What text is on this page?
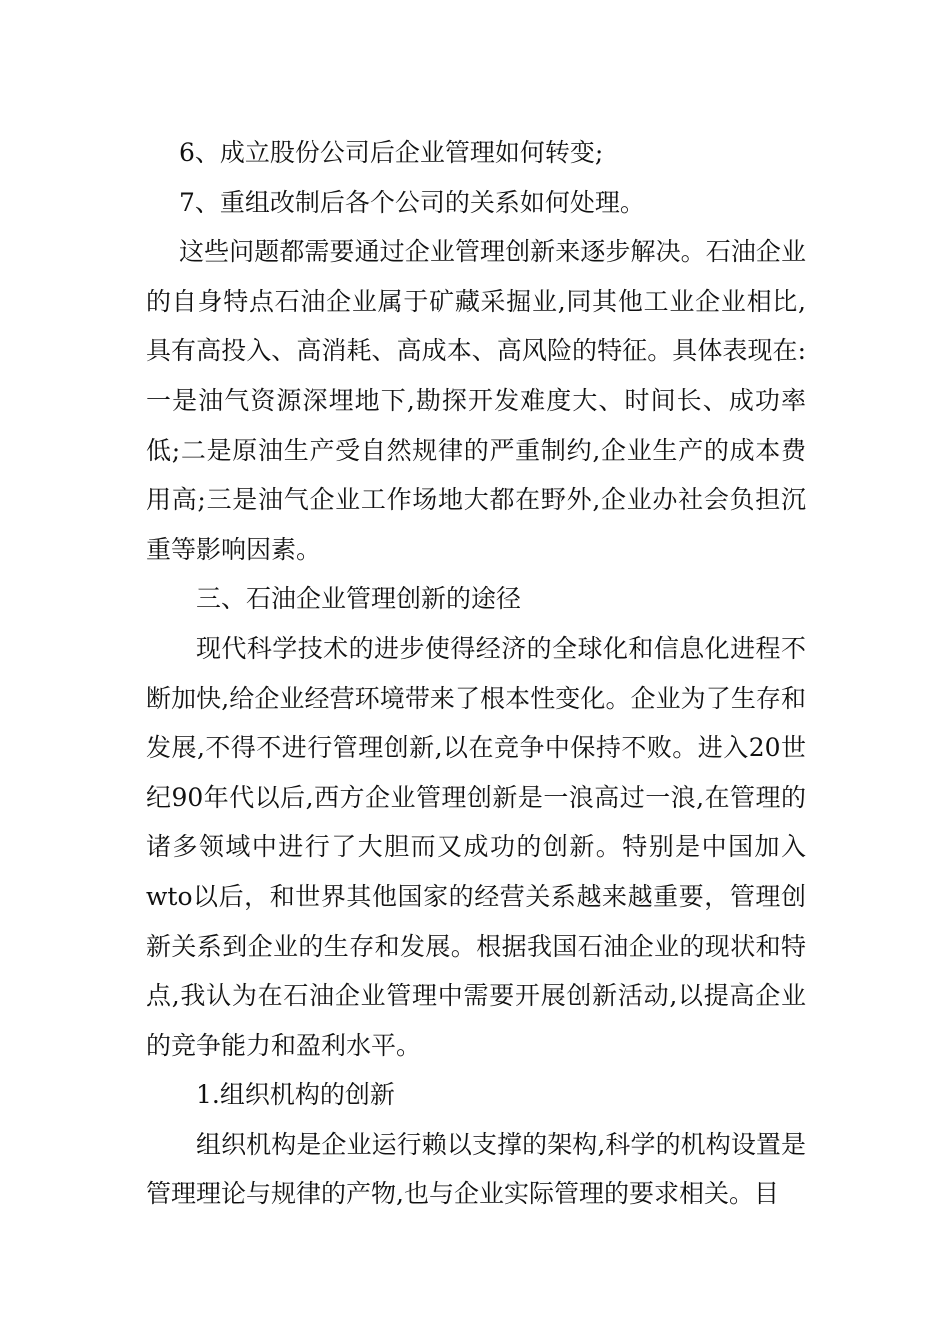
6、成立股份公司后企业管理如何转变;

7、重组改制后各个公司的关系如何处理。

这些问题都需要通过企业管理创新来逐步解决。石油企业的自身特点石油企业属于矿藏采掘业,同其他工业企业相比,具有高投入、高消耗、高成本、高风险的特征。具体表现在:一是油气资源深埋地下,勘探开发难度大、时间长、成功率低;二是原油生产受自然规律的严重制约,企业生产的成本费用高;三是油气企业工作场地大都在野外,企业办社会负担沉重等影响因素。

三、石油企业管理创新的途径

现代科学技术的进步使得经济的全球化和信息化进程不断加快,给企业经营环境带来了根本性变化。企业为了生存和发展,不得不进行管理创新,以在竞争中保持不败。进入20世纪90年代以后,西方企业管理创新是一浪高过一浪,在管理的诸多领域中进行了大胆而又成功的创新。特别是中国加入wto以后，和世界其他国家的经营关系越来越重要，管理创新关系到企业的生存和发展。根据我国石油企业的现状和特点,我认为在石油企业管理中需要开展创新活动,以提高企业的竞争能力和盈利水平。

1.组织机构的创新

组织机构是企业运行赖以支撑的架构,科学的机构设置是管理理论与规律的产物,也与企业实际管理的要求相关。目
